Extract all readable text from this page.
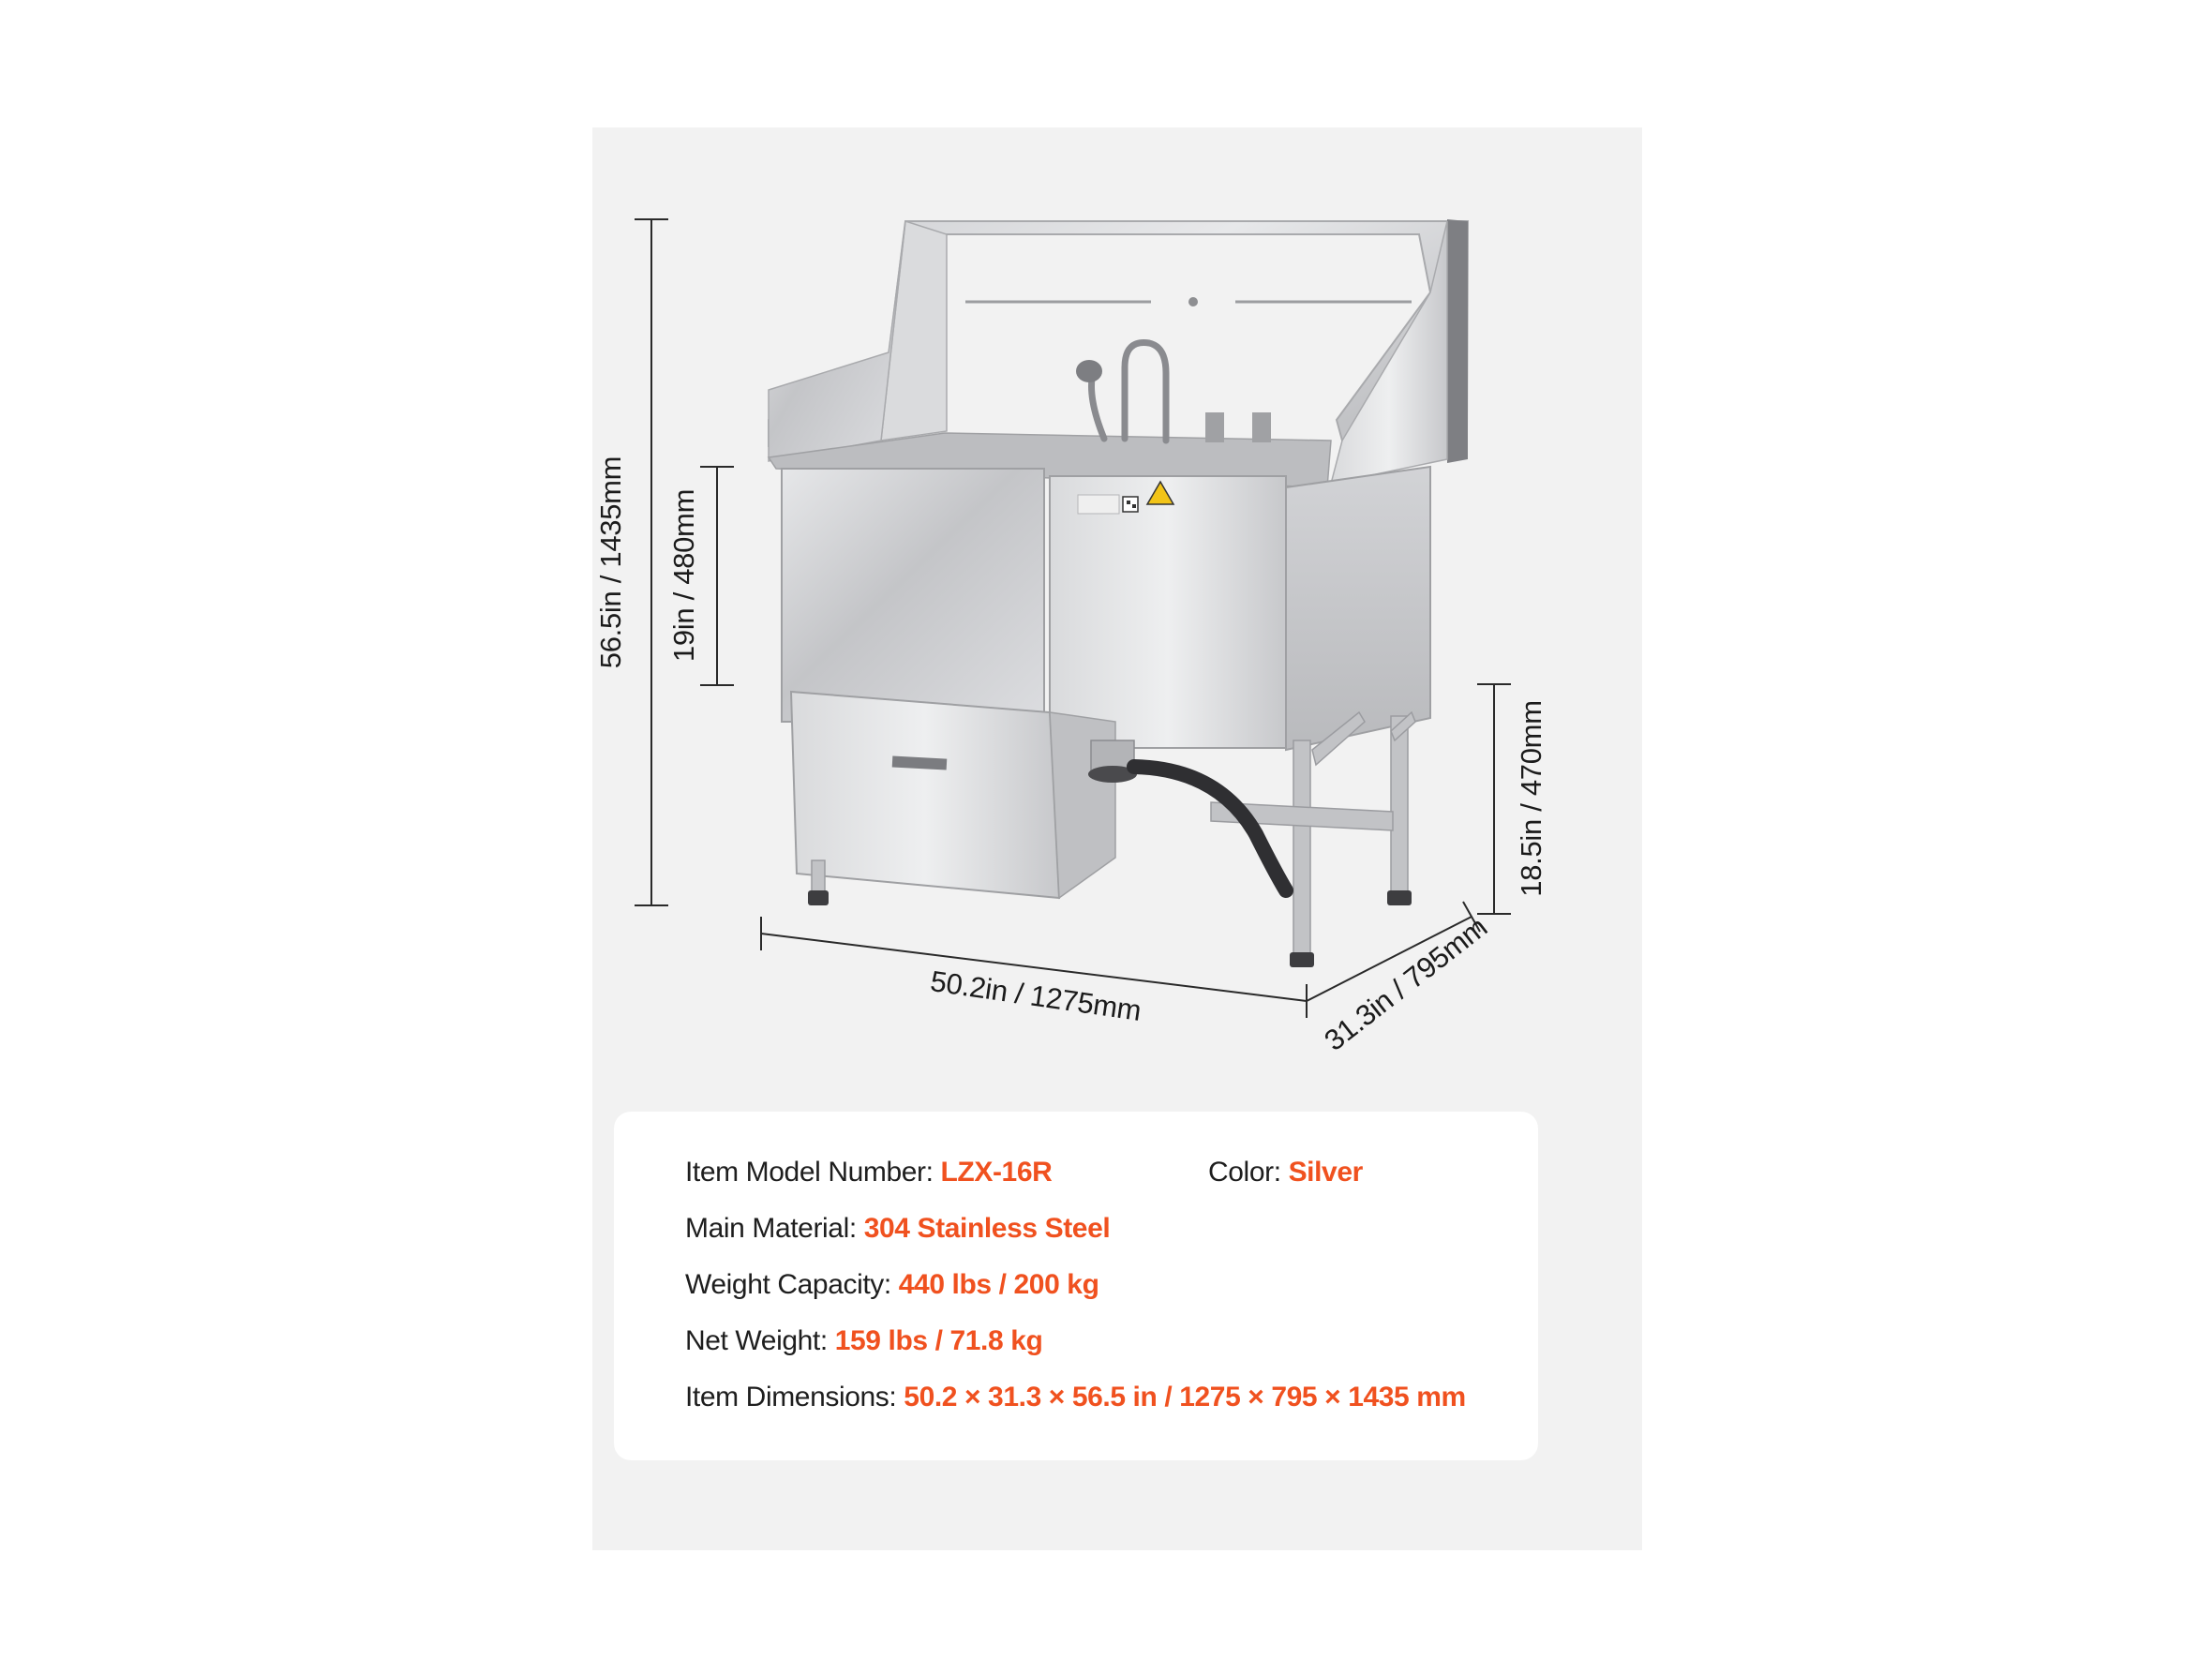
56.5in / 1435mm 19in / 480mm
18.5in / 470mm
50.2in / 1275mm	31.3in / 795mm
Item Model Number: LZX-16R	Color: Silver
Main Material: 304 Stainless Steel
Weight Capacity: 440 lbs / 200 kg
Net Weight: 159 lbs / 71.8 kg
Item Dimensions: 50.2 × 31.3 × 56.5 in / 1275 × 795 × 1435 mm
